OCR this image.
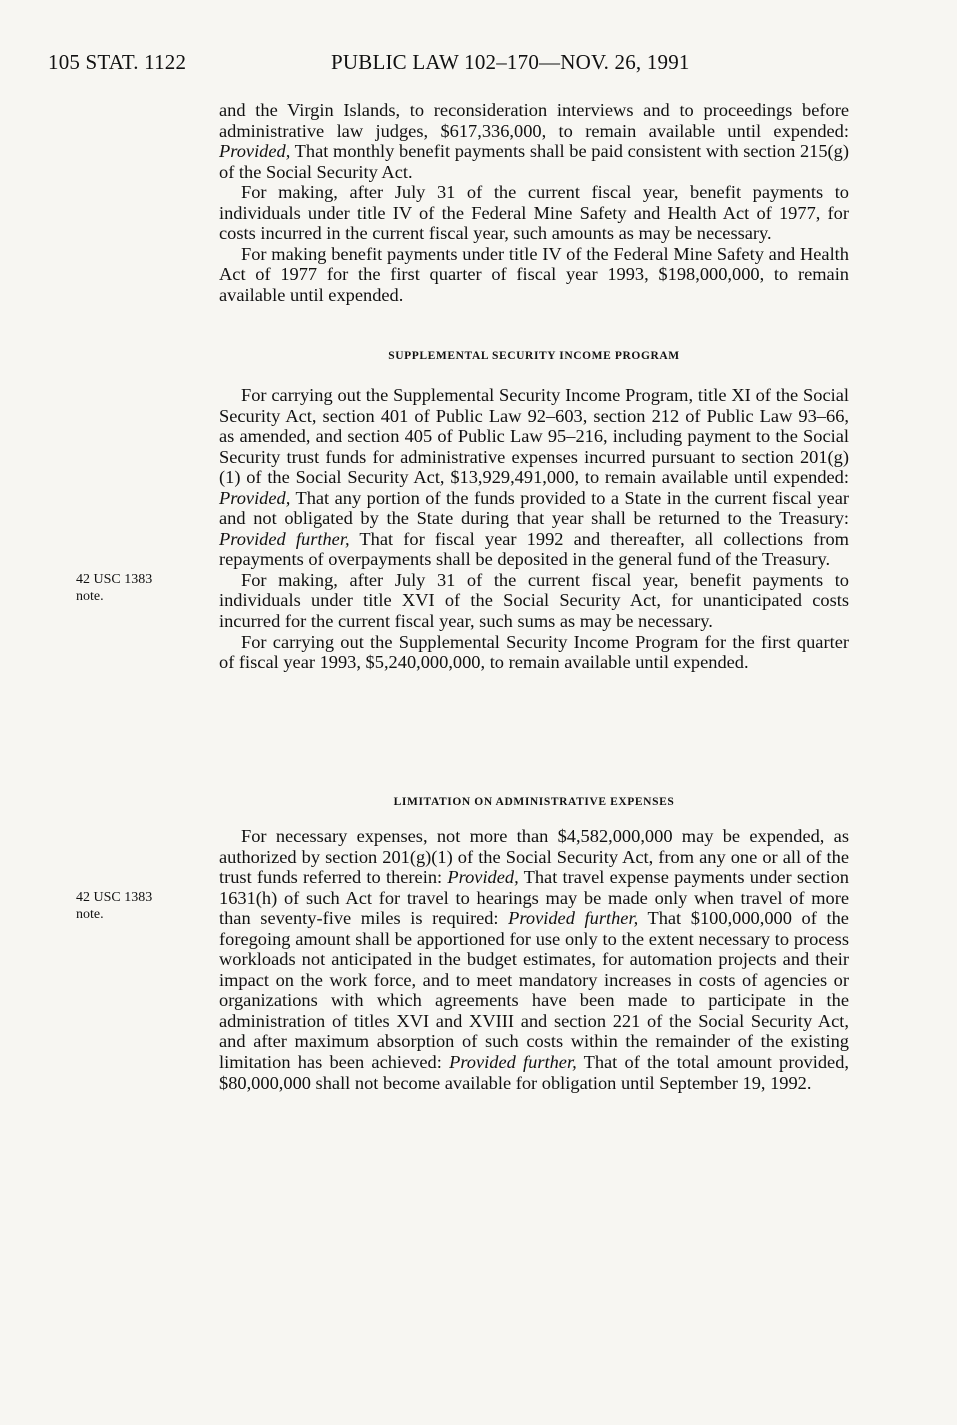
105 STAT. 1122	PUBLIC LAW 102–170—NOV. 26, 1991

and the Virgin Islands, to reconsideration interviews and to proceedings before administrative law judges, $617,336,000, to remain available until expended: Provided, That monthly benefit payments shall be paid consistent with section 215(g) of the Social Security Act.

For making, after July 31 of the current fiscal year, benefit payments to individuals under title IV of the Federal Mine Safety and Health Act of 1977, for costs incurred in the current fiscal year, such amounts as may be necessary.

For making benefit payments under title IV of the Federal Mine Safety and Health Act of 1977 for the first quarter of fiscal year 1993, $198,000,000, to remain available until expended.

SUPPLEMENTAL SECURITY INCOME PROGRAM

For carrying out the Supplemental Security Income Program, title XI of the Social Security Act, section 401 of Public Law 92–603, section 212 of Public Law 93–66, as amended, and section 405 of Public Law 95–216, including payment to the Social Security trust funds for administrative expenses incurred pursuant to section 201(g)(1) of the Social Security Act, $13,929,491,000, to remain available until expended: Provided, That any portion of the funds provided to a State in the current fiscal year and not obligated by the State during that year shall be returned to the Treasury: Provided further, That for fiscal year 1992 and thereafter, all collections from repayments of overpayments shall be deposited in the general fund of the Treasury.

For making, after July 31 of the current fiscal year, benefit payments to individuals under title XVI of the Social Security Act, for unanticipated costs incurred for the current fiscal year, such sums as may be necessary.

For carrying out the Supplemental Security Income Program for the first quarter of fiscal year 1993, $5,240,000,000, to remain available until expended.

42 USC 1383 note.
LIMITATION ON ADMINISTRATIVE EXPENSES

For necessary expenses, not more than $4,582,000,000 may be expended, as authorized by section 201(g)(1) of the Social Security Act, from any one or all of the trust funds referred to therein: Provided, That travel expense payments under section 1631(h) of such Act for travel to hearings may be made only when travel of more than seventy-five miles is required: Provided further, That $100,000,000 of the foregoing amount shall be apportioned for use only to the extent necessary to process workloads not anticipated in the budget estimates, for automation projects and their impact on the work force, and to meet mandatory increases in costs of agencies or organizations with which agreements have been made to participate in the administration of titles XVI and XVIII and section 221 of the Social Security Act, and after maximum absorption of such costs within the remainder of the existing limitation has been achieved: Provided further, That of the total amount provided, $80,000,000 shall not become available for obligation until September 19, 1992.

42 USC 1383 note.
